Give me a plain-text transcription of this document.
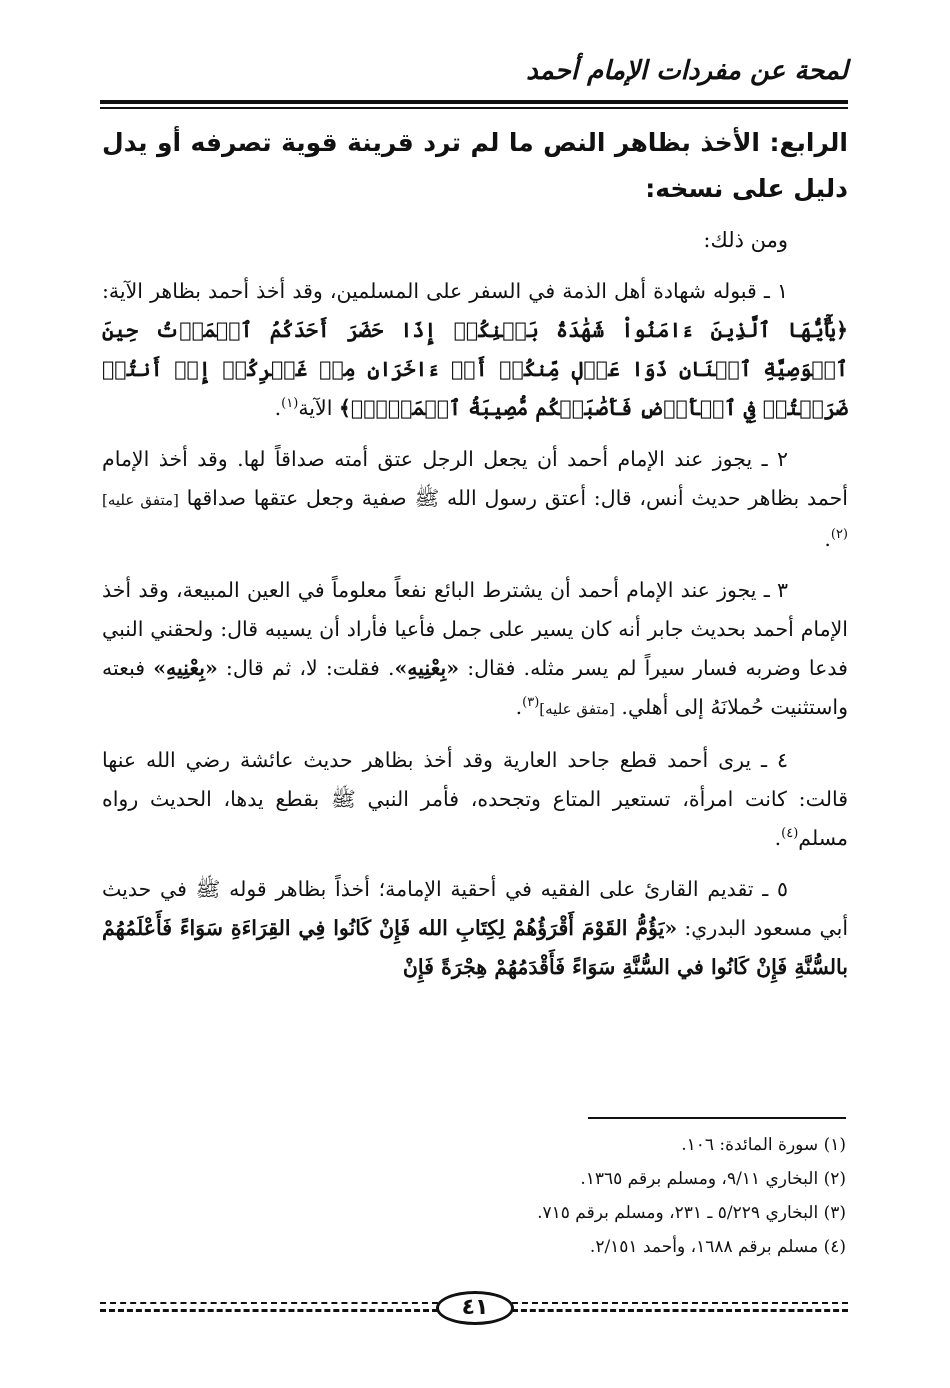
لمحة عن مفردات الإمام أحمد

الرابع: الأخذ بظاهر النص ما لم ترد قرينة قوية تصرفه أو يدل دليل على نسخه:

ومن ذلك:

١ ـ قبوله شهادة أهل الذمة في السفر على المسلمين، وقد أخذ أحمد بظاهر الآية: ﴿يَٰٓأَيُّهَا ٱلَّذِينَ ءَامَنُواْ شَهَٰدَةُ بَيۡنِكُمۡ إِذَا حَضَرَ أَحَدَكُمُ ٱلۡمَوۡتُ حِينَ ٱلۡوَصِيَّةِ ٱثۡنَانِ ذَوَا عَدۡلٖ مِّنكُمۡ أَوۡ ءَاخَرَانِ مِنۡ غَيۡرِكُمۡ إِنۡ أَنتُمۡ ضَرَبۡتُمۡ فِي ٱلۡأَرۡضِ فَأَصَٰبَتۡكُم مُّصِيبَةُ ٱلۡمَوۡتِۚ﴾ الآية$^{(١)}$.

٢ ـ يجوز عند الإمام أحمد أن يجعل الرجل عتق أمته صداقاً لها. وقد أخذ الإمام أحمد بظاهر حديث أنس، قال: أعتق رسول الله ﷺ صفية وجعل عتقها صداقها [متفق عليه]$^{(٢)}$.

٣ ـ يجوز عند الإمام أحمد أن يشترط البائع نفعاً معلوماً في العين المبيعة، وقد أخذ الإمام أحمد بحديث جابر أنه كان يسير على جمل فأعيا فأراد أن يسيبه قال: ولحقني النبي فدعا وضربه فسار سيراً لم يسر مثله. فقال: «بِعْنِيهِ». فقلت: لا، ثم قال: «بِعْنِيهِ» فبعته واستثنيت حُملانَهُ إلى أهلي. [متفق عليه]$^{(٣)}$.

٤ ـ يرى أحمد قطع جاحد العارية وقد أخذ بظاهر حديث عائشة رضي الله عنها قالت: كانت امرأة، تستعير المتاع وتجحده، فأمر النبي ﷺ بقطع يدها، الحديث رواه مسلم$^{(٤)}$.

٥ ـ تقديم القارئ على الفقيه في أحقية الإمامة؛ أخذاً بظاهر قوله ﷺ في حديث أبي مسعود البدري: «يَؤُمُّ القَوْمَ أَقْرَؤُهُمْ لِكِتَابِ الله فَإِنْ كَانُوا فِي القِرَاءَةِ سَوَاءً فَأَعْلَمُهُمْ بالسُّنَّةِ فَإِنْ كَانُوا في السُّنَّةِ سَوَاءً فَأَقْدَمُهُمْ هِجْرَةً فَإِنْ

(١) سورة المائدة: ١٠٦.

(٢) البخاري ٩/١١، ومسلم برقم ١٣٦٥.

(٣) البخاري ٥/٢٢٩ ـ ٢٣١، ومسلم برقم ٧١٥.

(٤) مسلم برقم ١٦٨٨، وأحمد ٢/١٥١.

٤١
